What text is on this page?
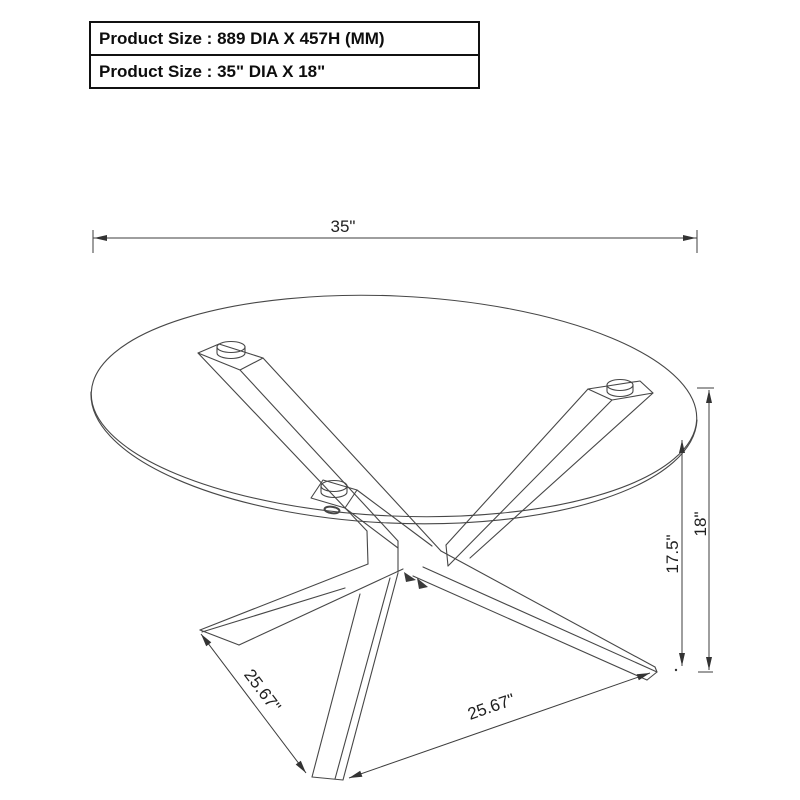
Product Size : 889 DIA X 457H (MM)
Product Size : 35" DIA X 18"
35"
18"
17.5"
25.67"	25.67"
